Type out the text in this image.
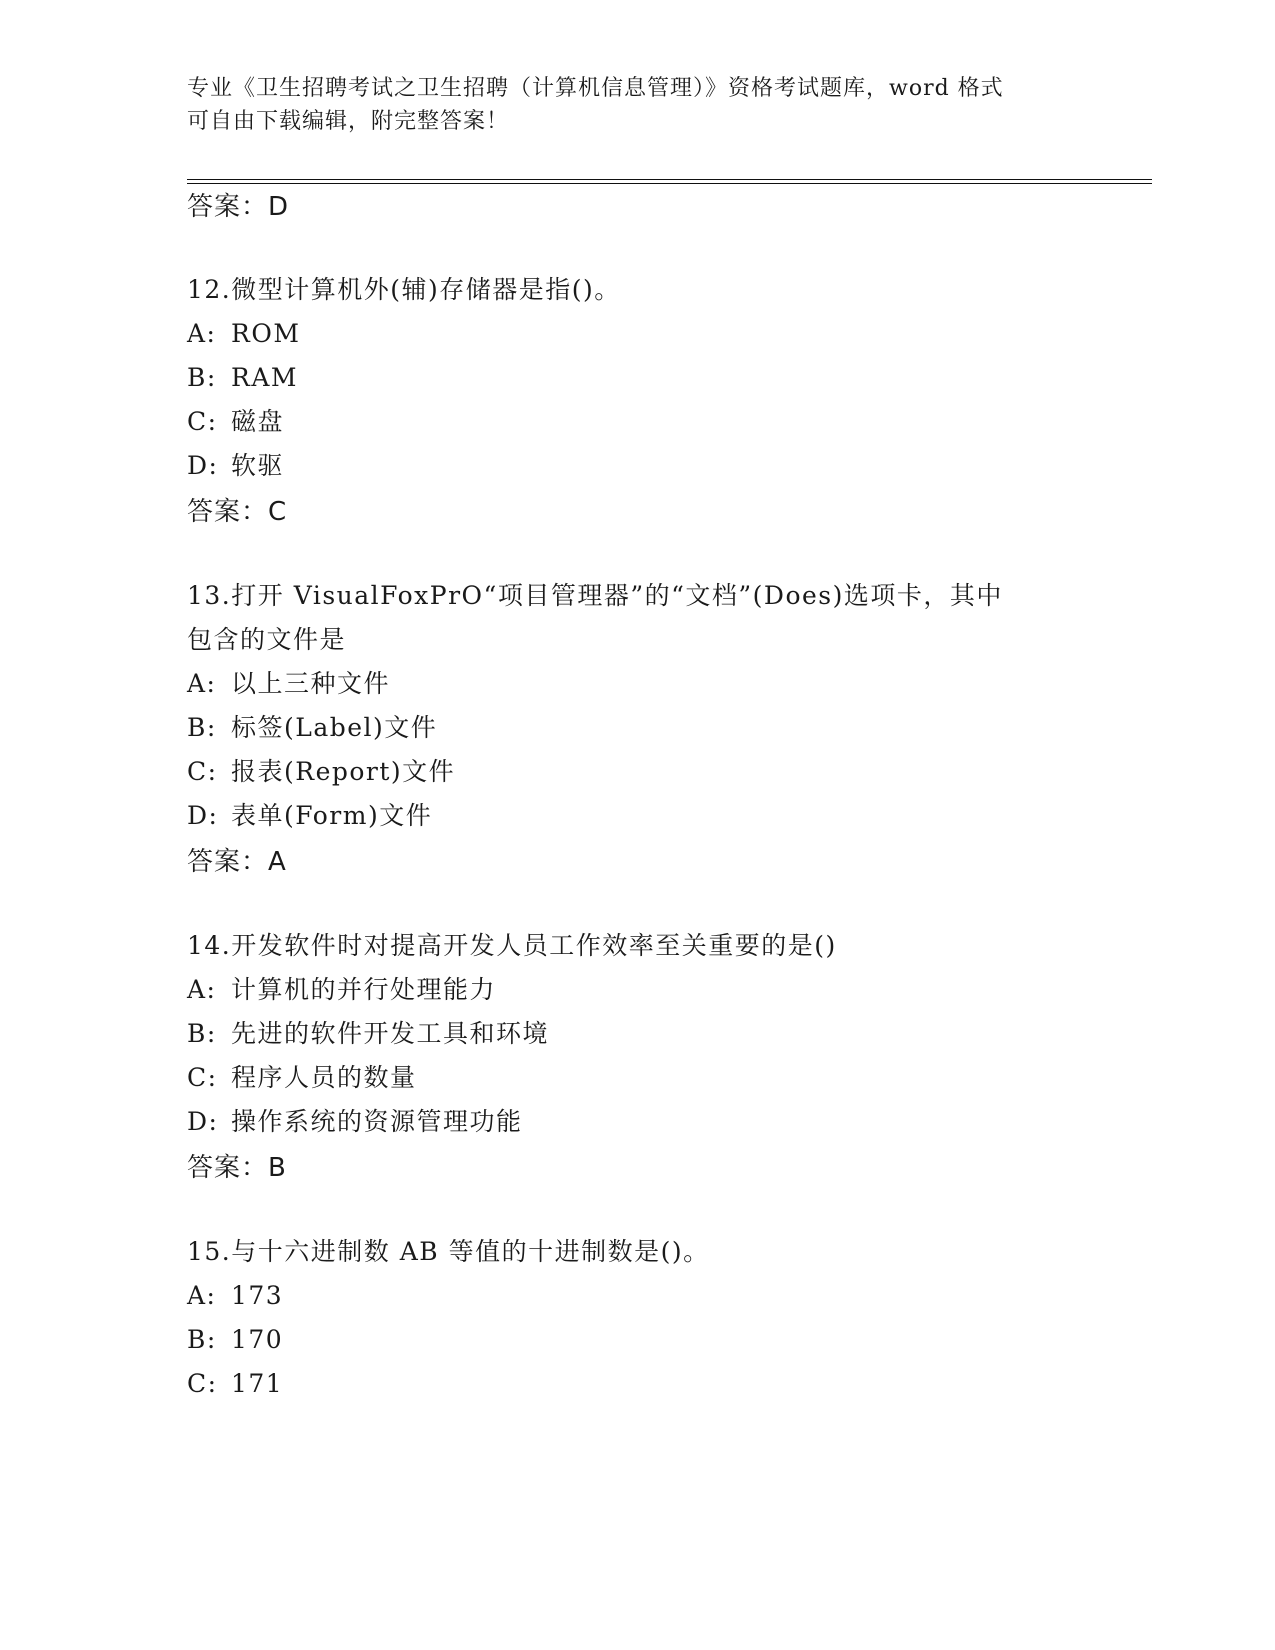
专业《卫生招聘考试之卫生招聘（计算机信息管理）》资格考试题库，word 格式
可自由下载编辑，附完整答案！
答案：D
12.微型计算机外(辅)存储器是指()。
A: ROM
B: RAM
C: 磁盘
D: 软驱
答案：C
13.打开 VisualFoxPrO“项目管理器”的“文档”(Does)选项卡，其中
包含的文件是
A: 以上三种文件
B: 标签(Label)文件
C: 报表(Report)文件
D: 表单(Form)文件
答案：A
14.开发软件时对提高开发人员工作效率至关重要的是()
A: 计算机的并行处理能力
B: 先进的软件开发工具和环境
C: 程序人员的数量
D: 操作系统的资源管理功能
答案：B
15.与十六进制数 AB 等值的十进制数是()。
A: 173
B: 170
C: 171
